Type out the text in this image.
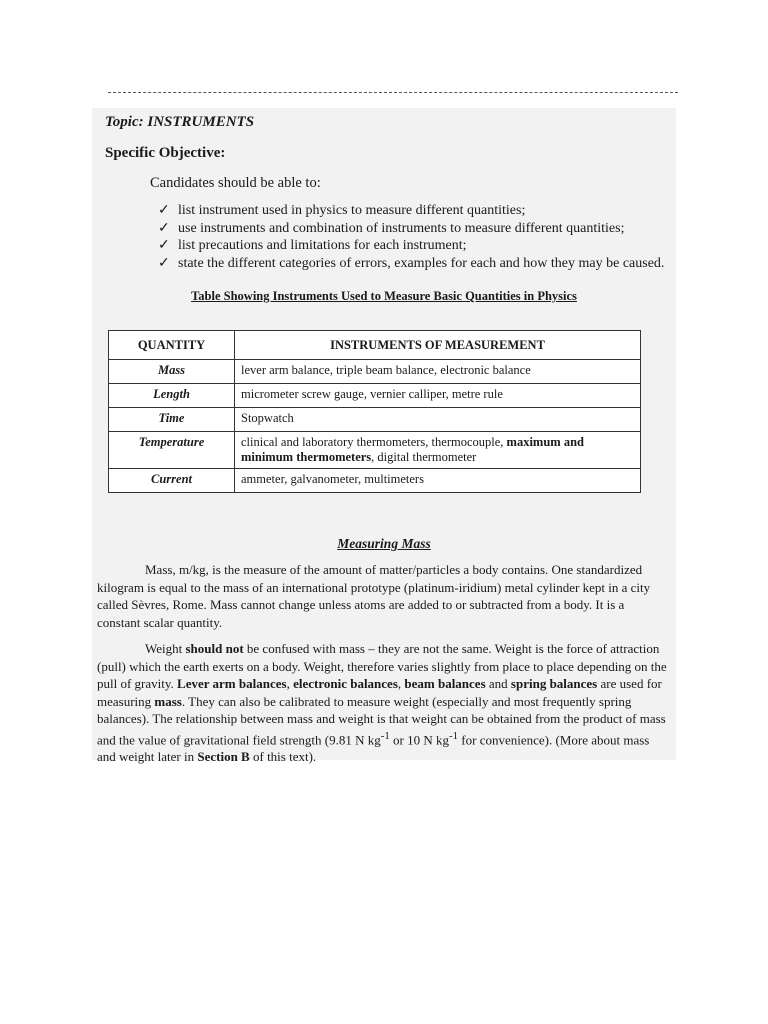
Topic: INSTRUMENTS
Specific Objective:
Candidates should be able to:
✓ list instrument used in physics to measure different quantities;
✓ use instruments and combination of instruments to measure different quantities;
✓ list precautions and limitations for each instrument;
✓ state the different categories of errors, examples for each and how they may be caused.
Table Showing Instruments Used to Measure Basic Quantities in Physics
QUANTITY	INSTRUMENTS OF MEASUREMENT
Mass	lever arm balance, triple beam balance, electronic balance
Length	micrometer screw gauge, vernier calliper, metre rule
Time	Stopwatch
Temperature	clinical and laboratory thermometers, thermocouple, maximum and minimum thermometers, digital thermometer
Current	ammeter, galvanometer, multimeters
Measuring Mass

Mass, m/kg, is the measure of the amount of matter/particles a body contains. One standardized kilogram is equal to the mass of an international prototype (platinum-iridium) metal cylinder kept in a city called Sèvres, Rome. Mass cannot change unless atoms are added to or subtracted from a body. It is a constant scalar quantity.

Weight should not be confused with mass – they are not the same. Weight is the force of attraction (pull) which the earth exerts on a body. Weight, therefore varies slightly from place to place depending on the pull of gravity. Lever arm balances, electronic balances, beam balances and spring balances are used for measuring mass. They can also be calibrated to measure weight (especially and most frequently spring balances). The relationship between mass and weight is that weight can be obtained from the product of mass and the value of gravitational field strength (9.81 N $kg^{-1}$ or 10 N $kg^{-1}$ for convenience). (More about mass and weight later in Section B of this text).
